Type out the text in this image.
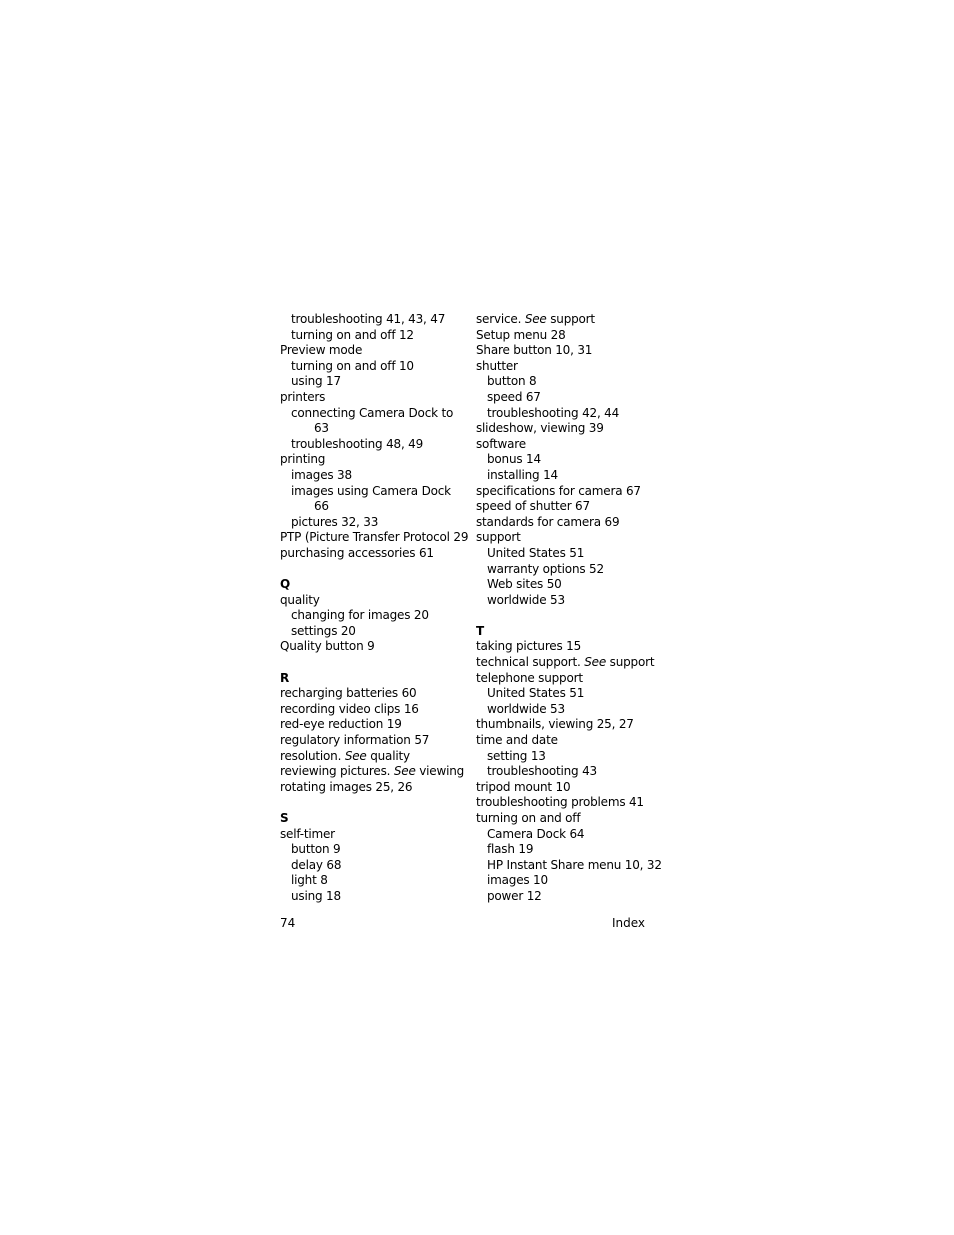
troubleshooting 41, 43, 47
turning on and off 12
Preview mode
turning on and off 10
using 17
printers
connecting Camera Dock to
63
troubleshooting 48, 49
printing
images 38
images using Camera Dock
66
pictures 32, 33
PTP (Picture Transfer Protocol 29
purchasing accessories 61
Q
quality
changing for images 20
settings 20
Quality button 9
R
recharging batteries 60
recording video clips 16
red-eye reduction 19
regulatory information 57
resolution. See quality
reviewing pictures. See viewing
rotating images 25, 26
S
self-timer
button 9
delay 68
light 8
using 18
service. See support
Setup menu 28
Share button 10, 31
shutter
button 8
speed 67
troubleshooting 42, 44
slideshow, viewing 39
software
bonus 14
installing 14
specifications for camera 67
speed of shutter 67
standards for camera 69
support
United States 51
warranty options 52
Web sites 50
worldwide 53
T
taking pictures 15
technical support. See support
telephone support
United States 51
worldwide 53
thumbnails, viewing 25, 27
time and date
setting 13
troubleshooting 43
tripod mount 10
troubleshooting problems 41
turning on and off
Camera Dock 64
flash 19
HP Instant Share menu 10, 32
images 10
power 12
74	Index
